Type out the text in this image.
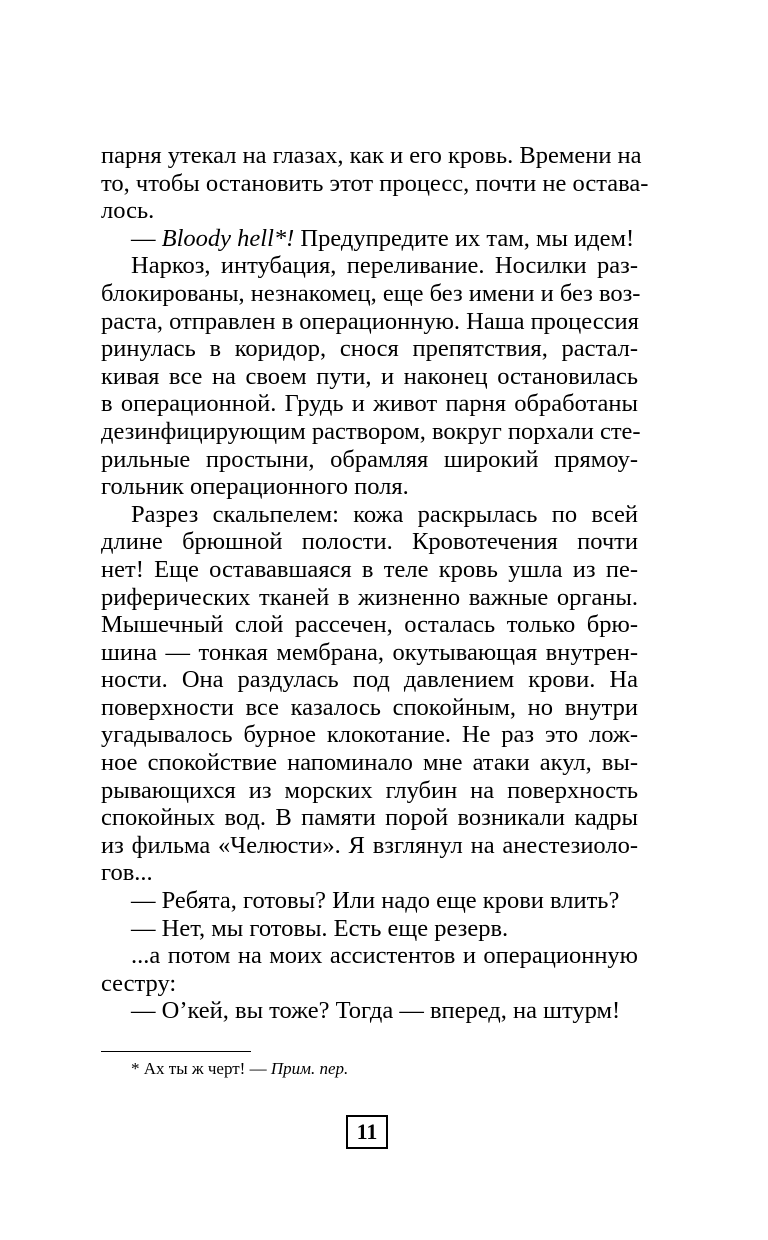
парня утекал на глазах, как и его кровь. Времени на
то, чтобы остановить этот процесс, почти не остава-
лось.
— Bloody hell*! Предупредите их там, мы идем!
Наркоз, интубация, переливание. Носилки раз-
блокированы, незнакомец, еще без имени и без воз-
раста, отправлен в операционную. Наша процессия
ринулась в коридор, снося препятствия, растал-
кивая все на своем пути, и наконец остановилась
в операционной. Грудь и живот парня обработаны
дезинфицирующим раствором, вокруг порхали сте-
рильные простыни, обрамляя широкий прямоу-
гольник операционного поля.
Разрез скальпелем: кожа раскрылась по всей
длине брюшной полости. Кровотечения почти
нет! Еще остававшаяся в теле кровь ушла из пе-
риферических тканей в жизненно важные органы.
Мышечный слой рассечен, осталась только брю-
шина — тонкая мембрана, окутывающая внутрен-
ности. Она раздулась под давлением крови. На
поверхности все казалось спокойным, но внутри
угадывалось бурное клокотание. Не раз это лож-
ное спокойствие напоминало мне атаки акул, вы-
рывающихся из морских глубин на поверхность
спокойных вод. В памяти порой возникали кадры
из фильма «Челюсти». Я взглянул на анестезиоло-
гов...
— Ребята, готовы? Или надо еще крови влить?
— Нет, мы готовы. Есть еще резерв.
...а потом на моих ассистентов и операционную
сестру:
— О’кей, вы тоже? Тогда — вперед, на штурм!
* Ах ты ж черт! — Прим. пер.
11
